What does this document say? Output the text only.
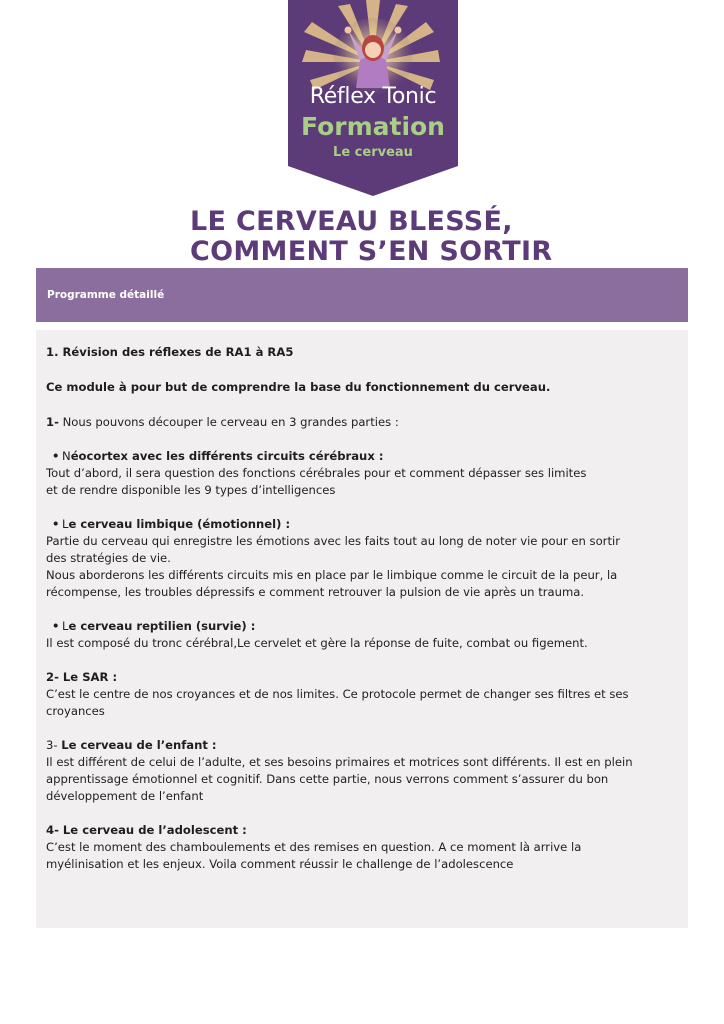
Réflex Tonic
Formation
Le cerveau
LE CERVEAU BLESSÉ,
COMMENT S’EN SORTIR
Programme détaillé

1. Révision des réflexes de RA1 à RA5

Ce module à pour but de comprendre la base du fonctionnement du cerveau.

1- Nous pouvons découper le cerveau en 3 grandes parties :

• Néocortex avec les différents circuits cérébraux :

Tout d’abord, il sera question des fonctions cérébrales pour et comment dépasser ses limites

et de rendre disponible les 9 types d’intelligences

• Le cerveau limbique (émotionnel) :

Partie du cerveau qui enregistre les émotions avec les faits tout au long de noter vie pour en sortir

des stratégies de vie.

Nous aborderons les différents circuits mis en place par le limbique comme le circuit de la peur, la

récompense, les troubles dépressifs e comment retrouver la pulsion de vie après un trauma.

• Le cerveau reptilien (survie) :

Il est composé du tronc cérébral,Le cervelet et gère la réponse de fuite, combat ou figement.

2- Le SAR :

C’est le centre de nos croyances et de nos limites. Ce protocole permet de changer ses filtres et ses

croyances

3- Le cerveau de l’enfant :

Il est différent de celui de l’adulte, et ses besoins primaires et motrices sont différents. Il est en plein

apprentissage émotionnel et cognitif. Dans cette partie, nous verrons comment s’assurer du bon

développement de l’enfant

4- Le cerveau de l’adolescent :

C’est le moment des chamboulements et des remises en question. A ce moment là arrive la

myélinisation et les enjeux. Voila comment réussir le challenge de l’adolescence
